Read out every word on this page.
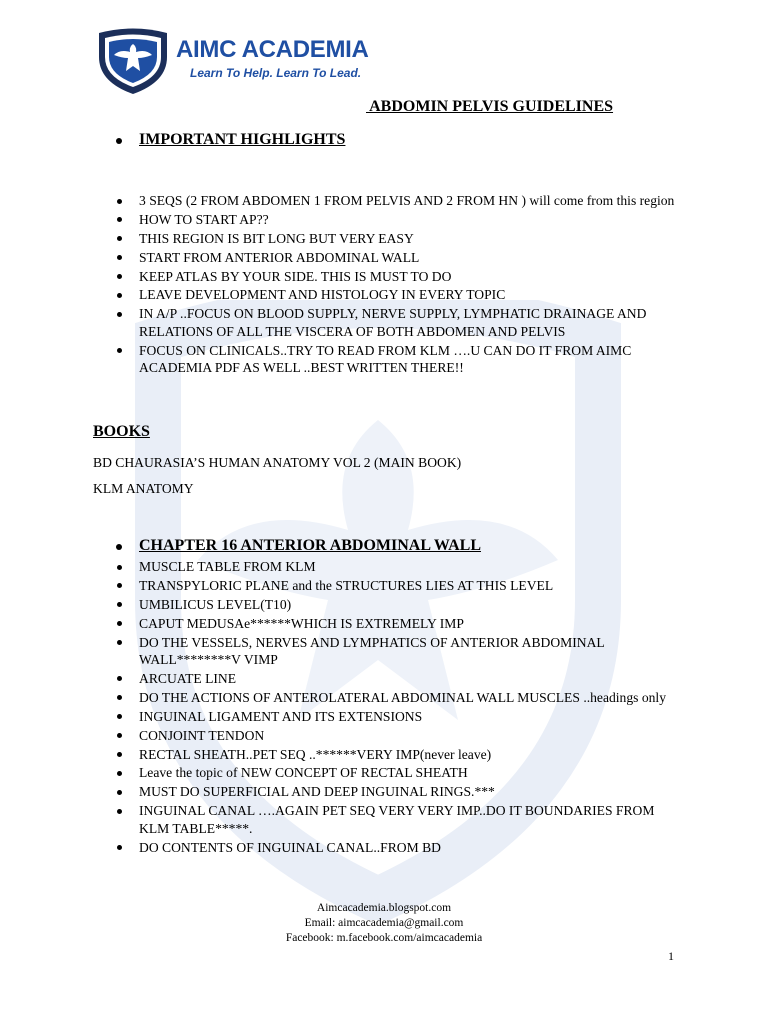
AIMC ACADEMIA
Learn To Help. Learn To Lead.
ABDOMIN PELVIS GUIDELINES
IMPORTANT HIGHLIGHTS
3 SEQS (2 FROM ABDOMEN 1 FROM PELVIS AND 2 FROM HN ) will come from this region
HOW TO START AP??
THIS REGION IS BIT LONG BUT VERY EASY
START FROM ANTERIOR ABDOMINAL WALL
KEEP ATLAS BY YOUR SIDE. THIS IS MUST TO DO
LEAVE DEVELOPMENT AND HISTOLOGY IN EVERY TOPIC
IN A/P ..FOCUS ON BLOOD SUPPLY, NERVE SUPPLY, LYMPHATIC DRAINAGE AND RELATIONS OF ALL THE VISCERA OF BOTH ABDOMEN AND PELVIS
FOCUS ON CLINICALS..TRY TO READ FROM KLM ….U CAN DO IT FROM AIMC ACADEMIA PDF AS WELL ..BEST WRITTEN THERE!!
BOOKS
BD CHAURASIA’S HUMAN ANATOMY VOL 2 (MAIN BOOK)
KLM ANATOMY
CHAPTER 16 ANTERIOR ABDOMINAL WALL
MUSCLE TABLE FROM KLM
TRANSPYLORIC PLANE and the STRUCTURES LIES AT THIS LEVEL
UMBILICUS LEVEL(T10)
CAPUT MEDUSAe******WHICH IS EXTREMELY IMP
DO THE VESSELS, NERVES AND LYMPHATICS OF ANTERIOR ABDOMINAL WALL********V VIMP
ARCUATE LINE
DO THE ACTIONS OF ANTEROLATERAL ABDOMINAL WALL MUSCLES ..headings only
INGUINAL LIGAMENT AND ITS EXTENSIONS
CONJOINT TENDON
RECTAL SHEATH..PET SEQ ..******VERY IMP(never leave)
Leave the topic of NEW CONCEPT OF RECTAL SHEATH
MUST DO SUPERFICIAL AND DEEP INGUINAL RINGS.***
INGUINAL CANAL ….AGAIN PET SEQ VERY VERY IMP..DO IT BOUNDARIES FROM KLM TABLE*****.
DO CONTENTS OF INGUINAL CANAL..FROM BD
Aimcacademia.blogspot.com
Email: aimcacademia@gmail.com
Facebook: m.facebook.com/aimcacademia
1
